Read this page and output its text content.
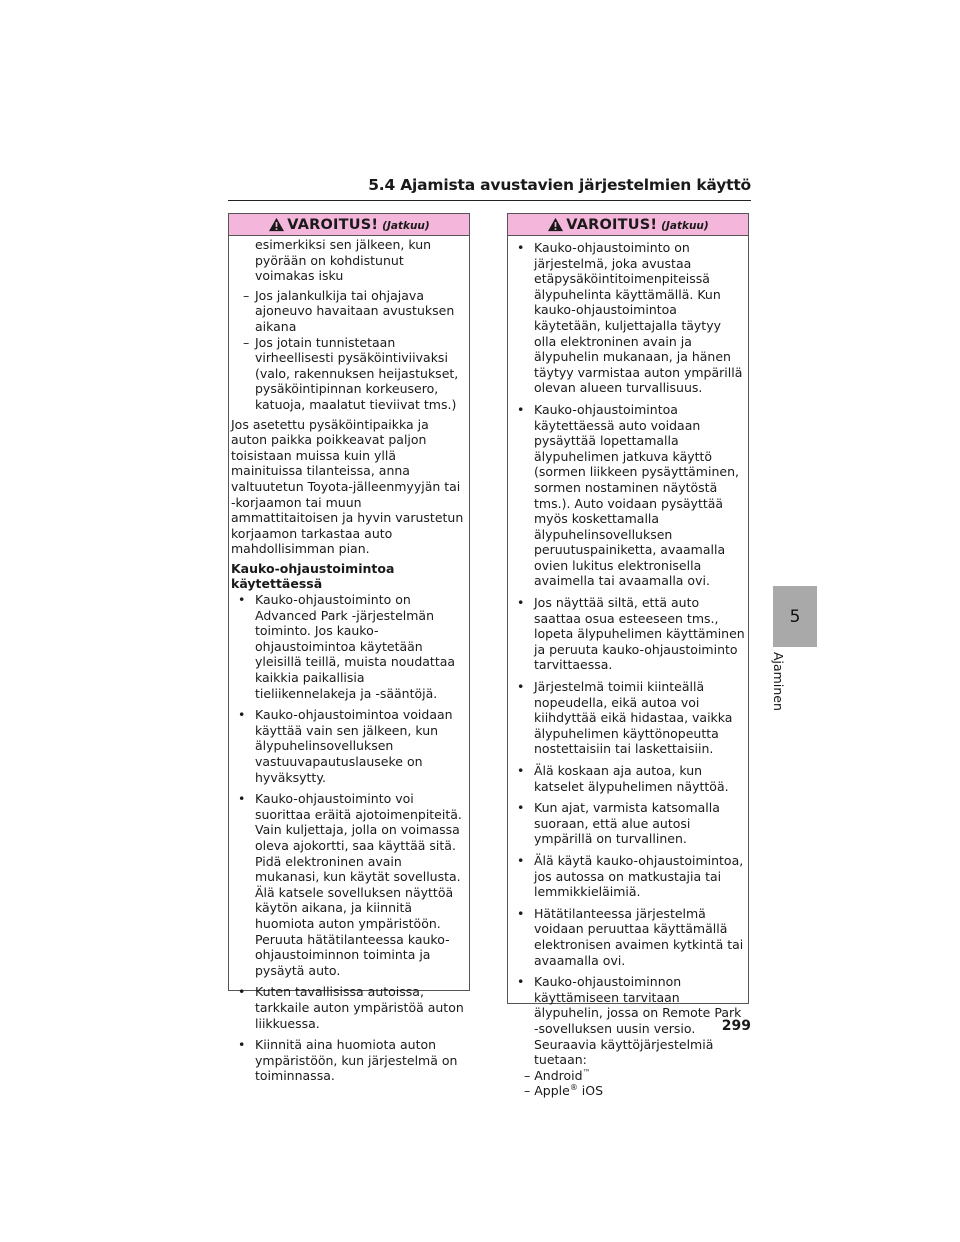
5.4 Ajamista avustavien järjestelmien käyttö
VAROITUS! (Jatkuu)

esimerkiksi sen jälkeen, kun pyörään on kohdistunut voimakas isku

– Jos jalankulkija tai ohjajava ajoneuvo havaitaan avustuksen aikana
– Jos jotain tunnistetaan virheellisesti pysäköintiviivaksi (valo, rakennuksen heijastukset, pysäköintipinnan korkeusero, katuoja, maalatut tieviivat tms.)

Jos asetettu pysäköintipaikka ja auton paikka poikkeavat paljon toisistaan muissa kuin yllä mainituissa tilanteissa, anna valtuutetun Toyota-jälleenmyyjän tai -korjaamon tai muun ammattitaitoisen ja hyvin varustetun korjaamon tarkastaa auto mahdollisimman pian.

Kauko-ohjaustoimintoa käytettäessä

• Kauko-ohjaustoiminto on Advanced Park -järjestelmän toiminto. Jos kauko-ohjaustoimintoa käytetään yleisillä teillä, muista noudattaa kaikkia paikallisia tieliikennelakeja ja -sääntöjä.
• Kauko-ohjaustoimintoa voidaan käyttää vain sen jälkeen, kun älypuhelinsovelluksen vastuuvapautuslauseke on hyväksytty.
• Kauko-ohjaustoiminto voi suorittaa eräitä ajotoimenpiteitä. Vain kuljettaja, jolla on voimassa oleva ajokortti, saa käyttää sitä. Pidä elektroninen avain mukanasi, kun käytät sovellusta. Älä katsele sovelluksen näyttöä käytön aikana, ja kiinnitä huomiota auton ympäristöön. Peruuta hätätilanteessa kauko-ohjaustoiminnon toiminta ja pysäytä auto.
• Kuten tavallisissa autoissa, tarkkaile auton ympäristöä auton liikkuessa.
• Kiinnitä aina huomiota auton ympäristöön, kun järjestelmä on toiminnassa.
VAROITUS! (Jatkuu)
• Kauko-ohjaustoiminto on järjestelmä, joka avustaa etäpysäköintitoimenpiteissä älypuhelinta käyttämällä. Kun kauko-ohjaustoimintoa käytetään, kuljettajalla täytyy olla elektroninen avain ja älypuhelin mukanaan, ja hänen täytyy varmistaa auton ympärillä olevan alueen turvallisuus.
• Kauko-ohjaustoimintoa käytettäessä auto voidaan pysäyttää lopettamalla älypuhelimen jatkuva käyttö (sormen liikkeen pysäyttäminen, sormen nostaminen näytöstä tms.). Auto voidaan pysäyttää myös koskettamalla älypuhelinsovelluksen peruutuspainiketta, avaamalla ovien lukitus elektronisella avaimella tai avaamalla ovi.
• Jos näyttää siltä, että auto saattaa osua esteeseen tms., lopeta älypuhelimen käyttäminen ja peruuta kauko-ohjaustoiminto tarvittaessa.
• Järjestelmä toimii kiinteällä nopeudella, eikä autoa voi kiihdyttää eikä hidastaa, vaikka älypuhelimen käyttönopeutta nostettaisiin tai laskettaisiin.
• Älä koskaan aja autoa, kun katselet älypuhelimen näyttöä.
• Kun ajat, varmista katsomalla suoraan, että alue autosi ympärillä on turvallinen.
• Älä käytä kauko-ohjaustoimintoa, jos autossa on matkustajia tai lemmikkieläimiä.
• Hätätilanteessa järjestelmä voidaan peruuttaa käyttämällä elektronisen avaimen kytkintä tai avaamalla ovi.
• Kauko-ohjaustoiminnon käyttämiseen tarvitaan älypuhelin, jossa on Remote Park -sovelluksen uusin versio. Seuraavia käyttöjärjestelmiä tuetaan:
– Android™
– Apple® iOS
5
Ajaminen
299
